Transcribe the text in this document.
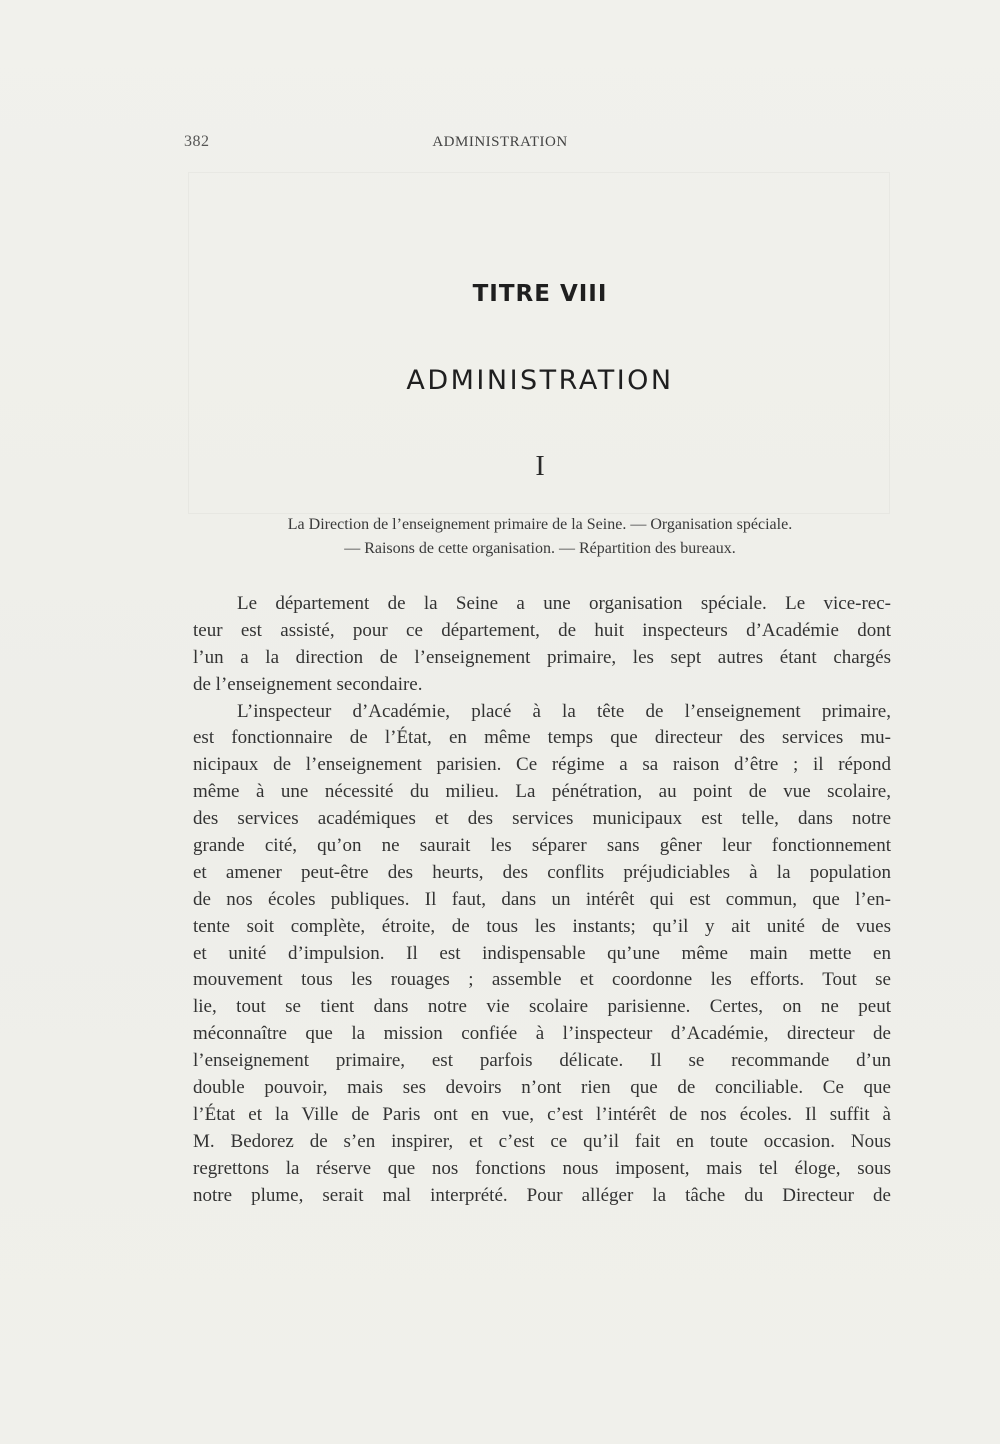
382	ADMINISTRATION
TITRE VIII
ADMINISTRATION
I
La Direction de l’enseignement primaire de la Seine. — Organisation spéciale.
— Raisons de cette organisation. — Répartition des bureaux.
Le département de la Seine a une organisation spéciale. Le vice-rec-
teur est assisté, pour ce département, de huit inspecteurs d’Académie dont
l’un a la direction de l’enseignement primaire, les sept autres étant chargés
de l’enseignement secondaire.
L’inspecteur d’Académie, placé à la tête de l’enseignement primaire,
est fonctionnaire de l’État, en même temps que directeur des services mu-
nicipaux de l’enseignement parisien. Ce régime a sa raison d’être ; il répond
même à une nécessité du milieu. La pénétration, au point de vue scolaire,
des services académiques et des services municipaux est telle, dans notre
grande cité, qu’on ne saurait les séparer sans gêner leur fonctionnement
et amener peut-être des heurts, des conflits préjudiciables à la population
de nos écoles publiques. Il faut, dans un intérêt qui est commun, que l’en-
tente soit complète, étroite, de tous les instants; qu’il y ait unité de vues
et unité d’impulsion. Il est indispensable qu’une même main mette en
mouvement tous les rouages ; assemble et coordonne les efforts. Tout se
lie, tout se tient dans notre vie scolaire parisienne. Certes, on ne peut
méconnaître que la mission confiée à l’inspecteur d’Académie, directeur de
l’enseignement primaire, est parfois délicate. Il se recommande d’un
double pouvoir, mais ses devoirs n’ont rien que de conciliable. Ce que
l’État et la Ville de Paris ont en vue, c’est l’intérêt de nos écoles. Il suffit à
M. Bedorez de s’en inspirer, et c’est ce qu’il fait en toute occasion. Nous
regrettons la réserve que nos fonctions nous imposent, mais tel éloge, sous
notre plume, serait mal interprété. Pour alléger la tâche du Directeur de
